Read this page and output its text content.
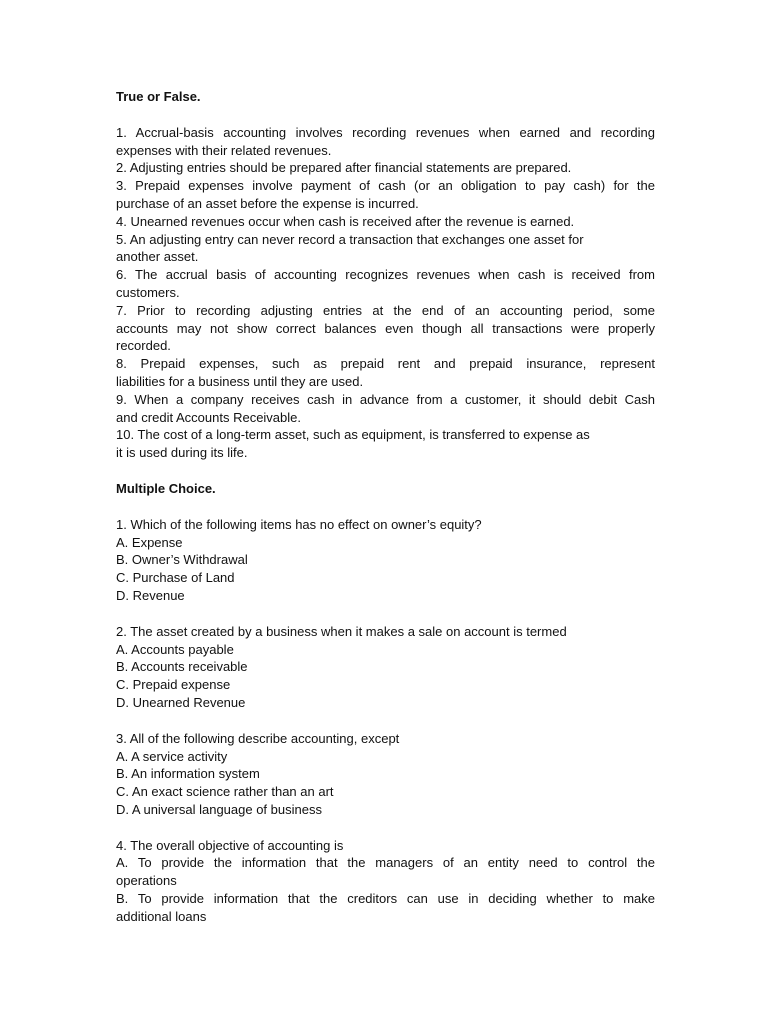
True or False.

1. Accrual-basis accounting involves recording revenues when earned and recording

expenses with their related revenues.

2. Adjusting entries should be prepared after financial statements are prepared.

3. Prepaid expenses involve payment of cash (or an obligation to pay cash) for the

purchase of an asset before the expense is incurred.

4. Unearned revenues occur when cash is received after the revenue is earned.

5. An adjusting entry can never record a transaction that exchanges one asset for

another asset.

6. The accrual basis of accounting recognizes revenues when cash is received from

customers.

7. Prior to recording adjusting entries at the end of an accounting period, some

accounts may not show correct balances even though all transactions were properly

recorded.

8. Prepaid expenses, such as prepaid rent and prepaid insurance, represent

liabilities for a business until they are used.

9. When a company receives cash in advance from a customer, it should debit Cash

and credit Accounts Receivable.

10. The cost of a long-term asset, such as equipment, is transferred to expense as

it is used during its life.

Multiple Choice.

1. Which of the following items has no effect on owner’s equity?

A. Expense

B. Owner’s Withdrawal

C. Purchase of Land

D. Revenue

2. The asset created by a business when it makes a sale on account is termed

A. Accounts payable

B. Accounts receivable

C. Prepaid expense

D. Unearned Revenue

3. All of the following describe accounting, except

A. A service activity

B. An information system

C. An exact science rather than an art

D. A universal language of business

4. The overall objective of accounting is

A. To provide the information that the managers of an entity need to control the

operations

B. To provide information that the creditors can use in deciding whether to make

additional loans
